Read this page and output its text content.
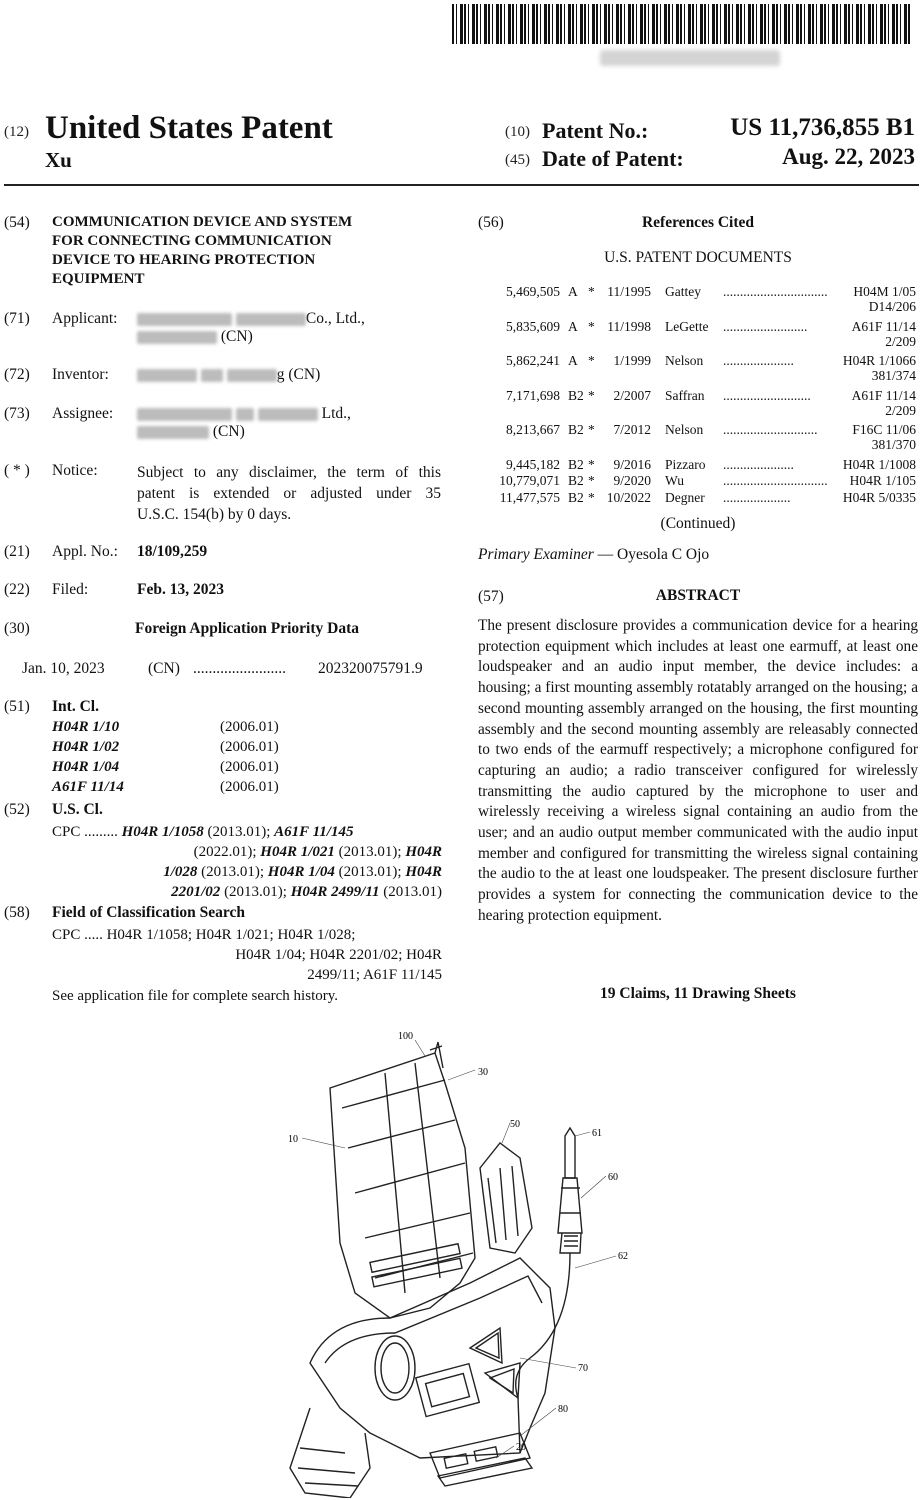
(12) United States Patent
Xu
(10) Patent No.:	US 11,736,855 B1
(45) Date of Patent:	Aug. 22, 2023
(54) COMMUNICATION DEVICE AND SYSTEM
FOR CONNECTING COMMUNICATION
DEVICE TO HEARING PROTECTION
EQUIPMENT
(71) Applicant:	Co., Ltd.,
(CN)
(72) Inventor:	g (CN)
(73) Assignee:	Ltd.,
(CN)
( * ) Notice:	Subject to any disclaimer, the term of this
patent is extended or adjusted under 35
U.S.C. 154(b) by 0 days.
(21) Appl. No.: 18/109,259
(22) Filed:	Feb. 13, 2023
(30)	Foreign Application Priority Data
Jan. 10, 2023	(CN) ........................ 202320075791.9
(51) Int. Cl.
H04R 1/10	(2006.01)
H04R 1/02	(2006.01)
H04R 1/04	(2006.01)
A61F 11/14	(2006.01)
(52) U.S. Cl.
CPC ......... H04R 1/1058 (2013.01); A61F 11/145
(2022.01); H04R 1/021 (2013.01); H04R
1/028 (2013.01); H04R 1/04 (2013.01); H04R
2201/02 (2013.01); H04R 2499/11 (2013.01)
(58) Field of Classification Search
CPC ..... H04R 1/1058; H04R 1/021; H04R 1/028;
H04R 1/04; H04R 2201/02; H04R
2499/11; A61F 11/145
See application file for complete search history.
(56)	References Cited
U.S. PATENT DOCUMENTS
5,469,505 A * 11/1995 Gattey ............................... H04M 1/05
D14/206
5,835,609 A * 11/1998 LeGette .........................	A61F 11/14
2/209
5,862,241 A *	1/1999 Nelson .....................	H04R 1/1066
381/374
7,171,698 B2 *	2/2007 Saffran ..........................	A61F 11/14
2/209
8,213,667 B2 *	7/2012 Nelson ............................	F16C 11/06
381/370
9,445,182 B2 *	9/2016 Pizzaro .....................	H04R 1/1008
10,779,071 B2 *	9/2020 Wu	............................... H04R 1/105
11,477,575 B2 * 10/2022 Degner ....................	H04R 5/0335
(Continued)
Primary Examiner — Oyesola C Ojo
(57)	ABSTRACT
The present disclosure provides a communication device for a hearing protection equipment which includes at least one earmuff, at least one loudspeaker and an audio input member, the device includes: a housing; a first mounting assembly rotatably arranged on the housing; a second mounting assembly arranged on the housing, the first mounting assembly and the second mounting assembly are releasably connected to two ends of the earmuff respectively; a microphone configured for capturing an audio; a radio transceiver configured for wirelessly transmitting the audio captured by the microphone to user and wirelessly receiving a wireless signal containing an audio from the user; and an audio output member communicated with the audio input member and configured for transmitting the wireless signal containing the audio to the at least one loudspeaker. The present disclosure further provides a system for connecting the communication device to the hearing protection equipment.
19 Claims, 11 Drawing Sheets
100
30
10
50
61
60
62
70
80
20
